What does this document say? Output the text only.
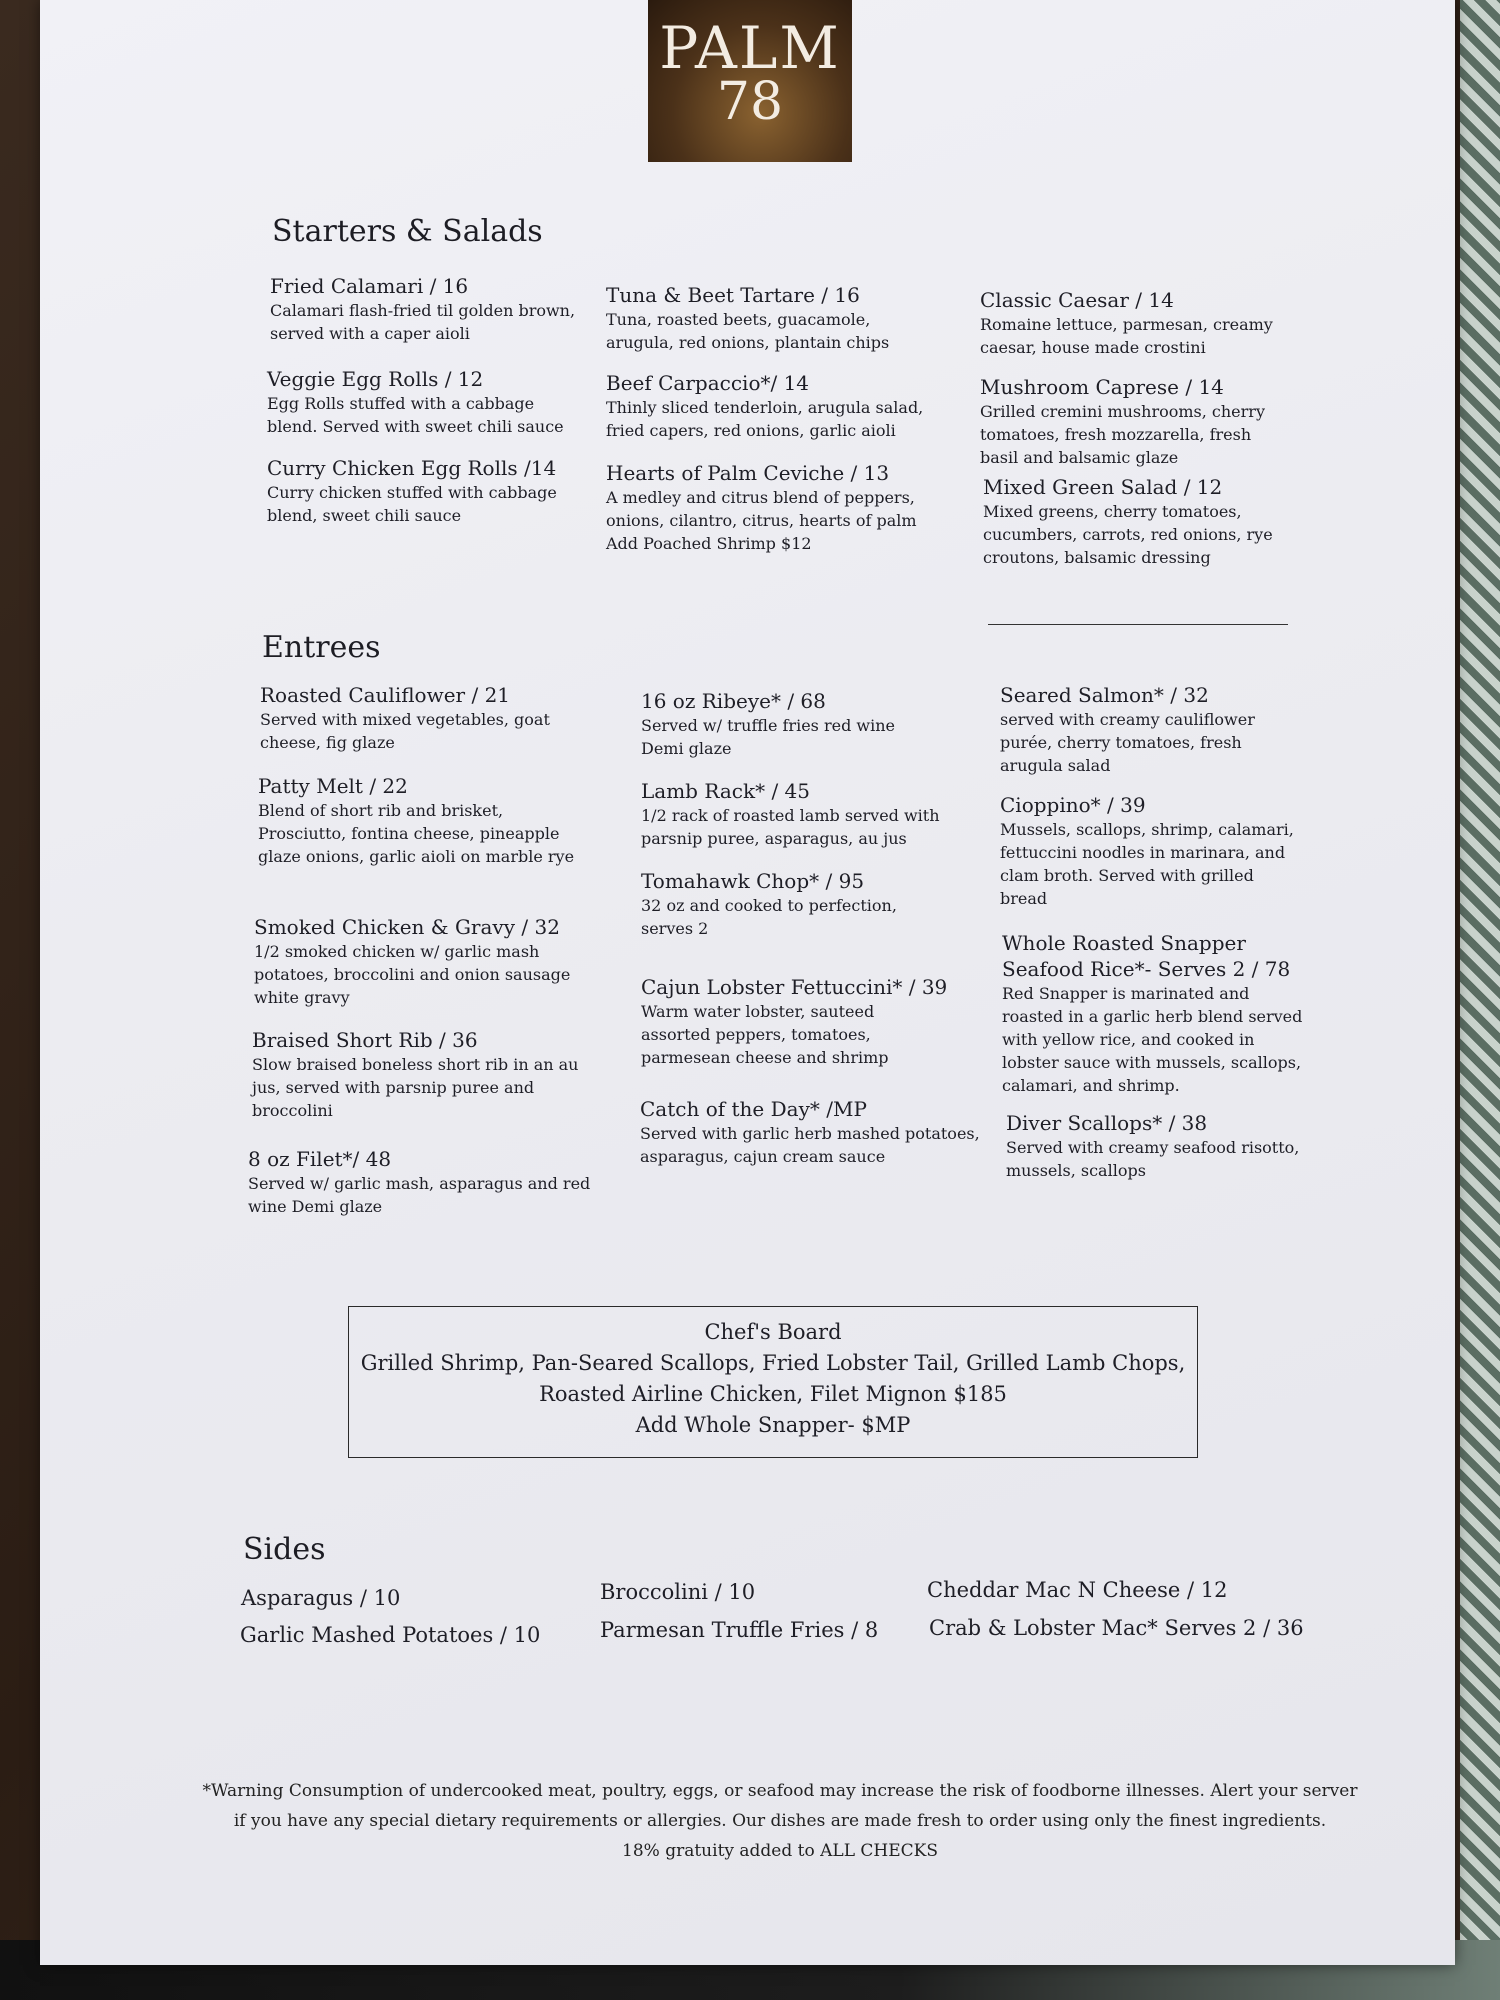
PALM
78
Starters & Salads
Fried Calamari / 16
Calamari flash-fried til golden brown, served with a caper aioli
Veggie Egg Rolls / 12
Egg Rolls stuffed with a cabbage blend. Served with sweet chili sauce
Curry Chicken Egg Rolls /14
Curry chicken stuffed with cabbage blend, sweet chili sauce
Tuna & Beet Tartare / 16
Tuna, roasted beets, guacamole, arugula, red onions, plantain chips
Beef Carpaccio*/ 14
Thinly sliced tenderloin, arugula salad, fried capers, red onions, garlic aioli
Hearts of Palm Ceviche / 13
A medley and citrus blend of peppers, onions, cilantro, citrus, hearts of palm Add Poached Shrimp $12
Classic Caesar / 14
Romaine lettuce, parmesan, creamy caesar, house made crostini
Mushroom Caprese / 14
Grilled cremini mushrooms, cherry tomatoes, fresh mozzarella, fresh basil and balsamic glaze
Mixed Green Salad / 12
Mixed greens, cherry tomatoes, cucumbers, carrots, red onions, rye croutons, balsamic dressing
Entrees
Roasted Cauliflower / 21
Served with mixed vegetables, goat cheese, fig glaze
Patty Melt / 22
Blend of short rib and brisket, Prosciutto, fontina cheese, pineapple glaze onions, garlic aioli on marble rye
Smoked Chicken & Gravy / 32
1/2 smoked chicken w/ garlic mash potatoes, broccolini and onion sausage white gravy
Braised Short Rib / 36
Slow braised boneless short rib in an au jus, served with parsnip puree and broccolini
8 oz Filet*/ 48
Served w/ garlic mash, asparagus and red wine Demi glaze
16 oz Ribeye* / 68
Served w/ truffle fries red wine Demi glaze
Lamb Rack* / 45
1/2 rack of roasted lamb served with parsnip puree, asparagus, au jus
Tomahawk Chop* / 95
32 oz and cooked to perfection, serves 2
Cajun Lobster Fettuccini* / 39
Warm water lobster, sauteed assorted peppers, tomatoes, parmesean cheese and shrimp
Catch of the Day* /MP
Served with garlic herb mashed potatoes, asparagus, cajun cream sauce
Seared Salmon* / 32
served with creamy cauliflower purée, cherry tomatoes, fresh arugula salad
Cioppino* / 39
Mussels, scallops, shrimp, calamari, fettuccini noodles in marinara, and clam broth. Served with grilled bread
Whole Roasted Snapper
Seafood Rice*- Serves 2 / 78
Red Snapper is marinated and roasted in a garlic herb blend served with yellow rice, and cooked in lobster sauce with mussels, scallops, calamari, and shrimp.
Diver Scallops* / 38
Served with creamy seafood risotto, mussels, scallops
Chef's Board
Grilled Shrimp, Pan-Seared Scallops, Fried Lobster Tail, Grilled Lamb Chops,
Roasted Airline Chicken, Filet Mignon $185
Add Whole Snapper- $MP
Sides
Asparagus / 10
Garlic Mashed Potatoes / 10
Broccolini / 10
Parmesan Truffle Fries / 8
Cheddar Mac N Cheese / 12
Crab & Lobster Mac* Serves 2 / 36
*Warning Consumption of undercooked meat, poultry, eggs, or seafood may increase the risk of foodborne illnesses. Alert your server
if you have any special dietary requirements or allergies. Our dishes are made fresh to order using only the finest ingredients.
18% gratuity added to ALL CHECKS
